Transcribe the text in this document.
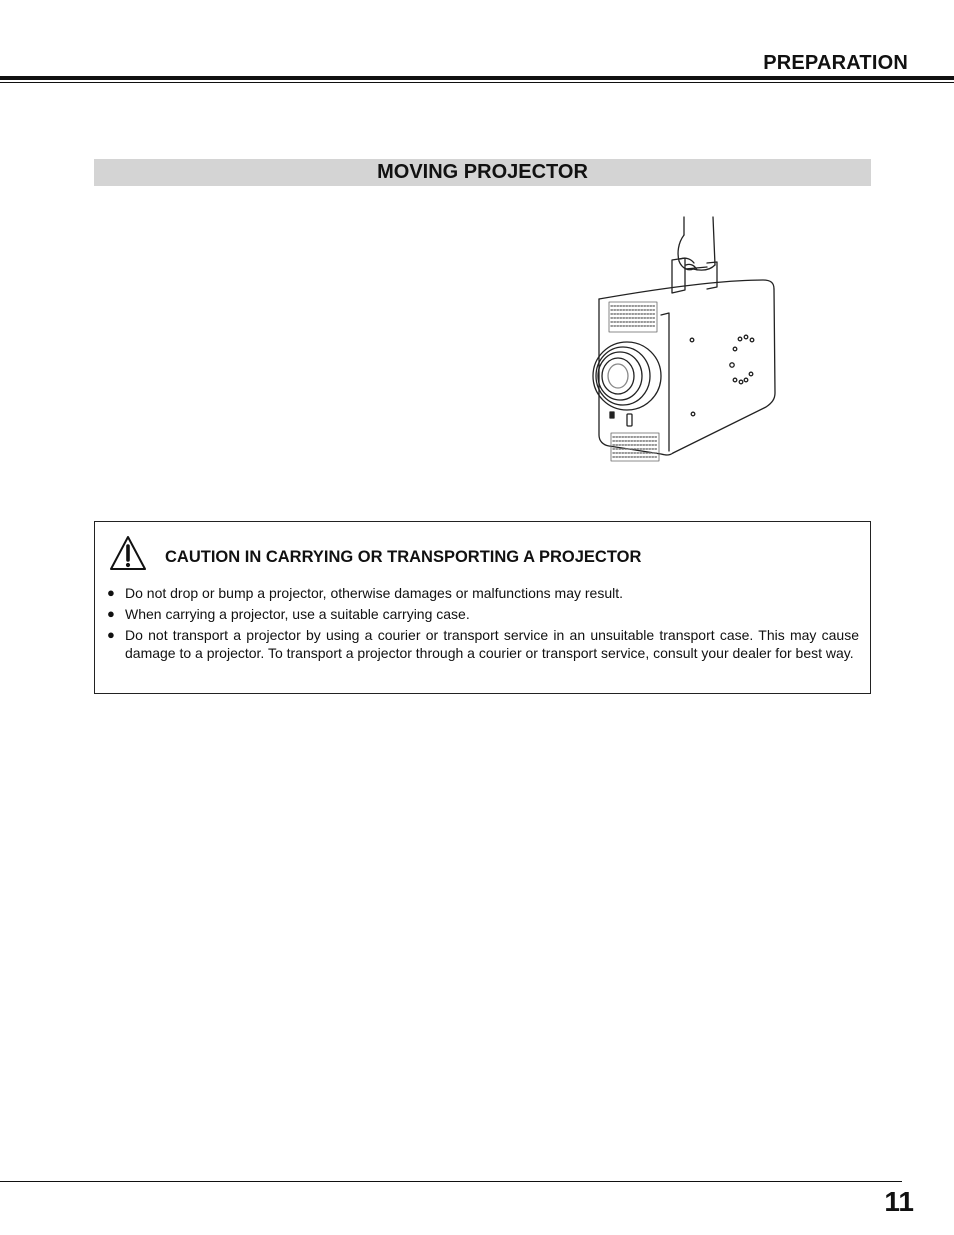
PREPARATION
MOVING PROJECTOR
CAUTION IN CARRYING OR TRANSPORTING A PROJECTOR
● Do not drop or bump a projector, otherwise damages or malfunctions may result.
● When carrying a projector, use a suitable carrying case.
● Do not transport a projector by using a courier or transport service in an unsuitable transport case. This may cause damage to a projector. To transport a projector through a courier or transport service, consult your dealer for best way.
11
